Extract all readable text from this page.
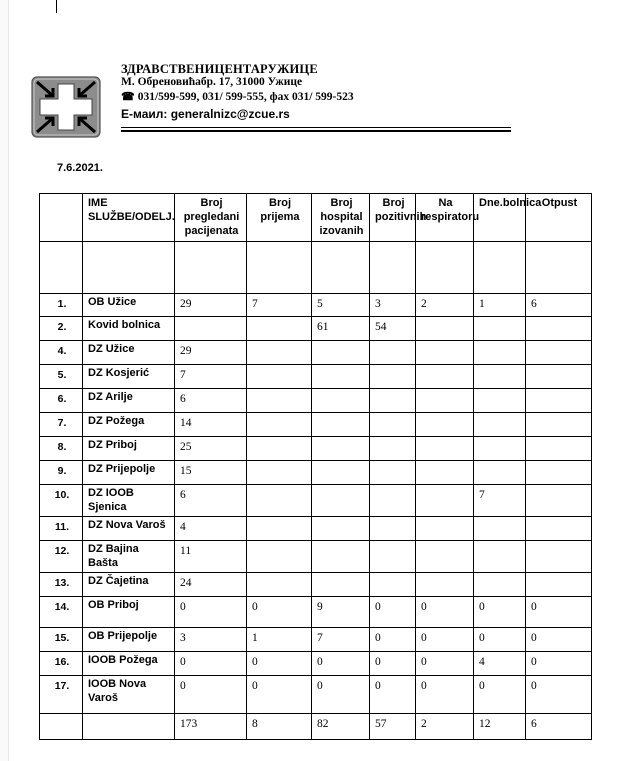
ЗДРАВСТВЕНИЦЕНТАРУЖИЦЕ
М. Обреновићабр. 17, 31000 Ужице
☎ 031/599-599, 031/ 599-555, фах 031/ 599-523
Е-маил: generalnizc@zcue.rs
7.6.2021.
	IME SLUŽBE/ODELJ.	Broj pregledani pacijenata	Broj prijema	Broj hospital izovanih	Broj pozitivnih	Na respiratoru	Dne.bolnica	Otpust

1.	OB Užice	29	7	5	3	2	1	6
2.	Kovid bolnica			61	54			
4.	DZ Užice	29						
5.	DZ Kosjerić	7						
6.	DZ Arilje	6						
7.	DZ Požega	14						
8.	DZ Priboj	25						
9.	DZ Prijepolje	15						
10.	DZ IOOB Sjenica	6					7	
11.	DZ Nova Varoš	4						
12.	DZ Bajina Bašta	11						
13.	DZ Čajetina	24						
14.	OB Priboj	0	0	9	0	0	0	0
15.	OB Prijepolje	3	1	7	0	0	0	0
16.	IOOB Požega	0	0	0	0	0	4	0
17.	IOOB Nova Varoš	0	0	0	0	0	0	0
		173	8	82	57	2	12	6
